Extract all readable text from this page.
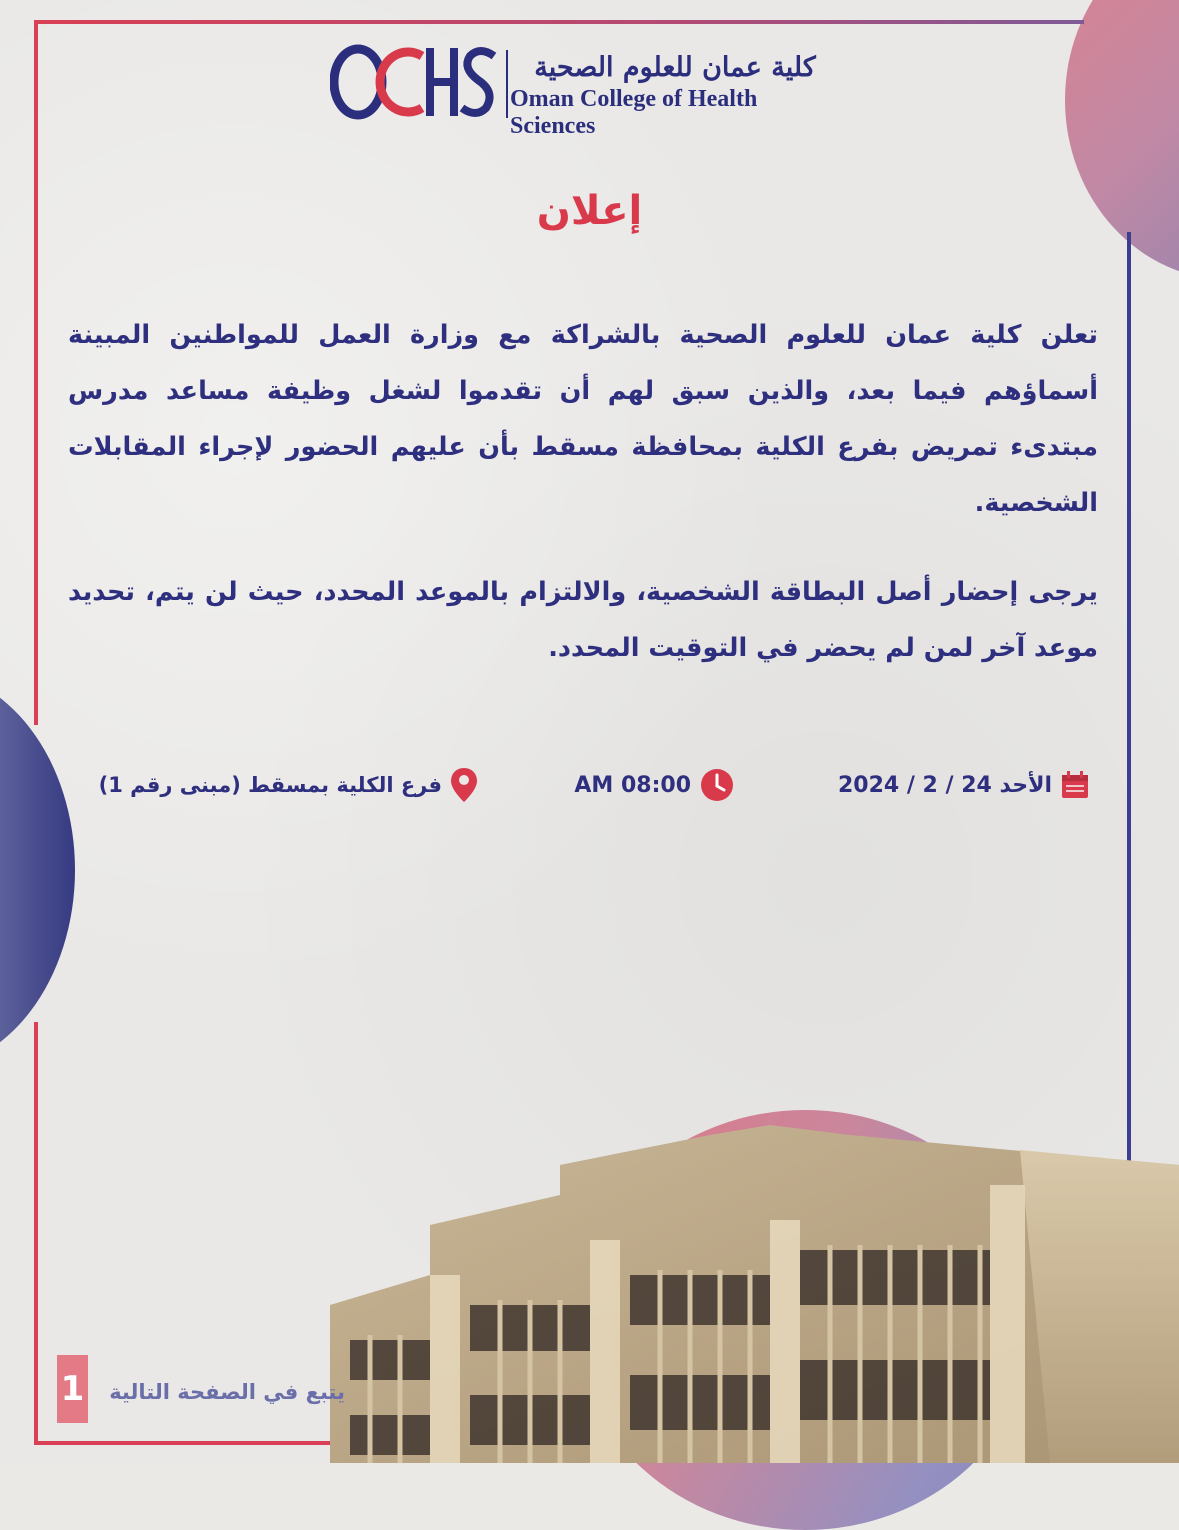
كلية عمان للعلوم الصحية
Oman College of Health Sciences
إعلان
تعلن كلية عمان للعلوم الصحية بالشراكة مع وزارة العمل للمواطنين المبينة أسماؤهم فيما بعد، والذين سبق لهم أن تقدموا لشغل وظيفة مساعد مدرس مبتدىء تمريض بفرع الكلية بمحافظة مسقط بأن عليهم الحضور لإجراء المقابلات الشخصية.
يرجى إحضار أصل البطاقة الشخصية، والالتزام بالموعد المحدد، حيث لن يتم، تحديد موعد آخر لمن لم يحضر في التوقيت المحدد.
الأحد 24 / 2 / 2024
AM 08:00
فرع الكلية بمسقط (مبنى رقم 1)
1 يتبع في الصفحة التالية
